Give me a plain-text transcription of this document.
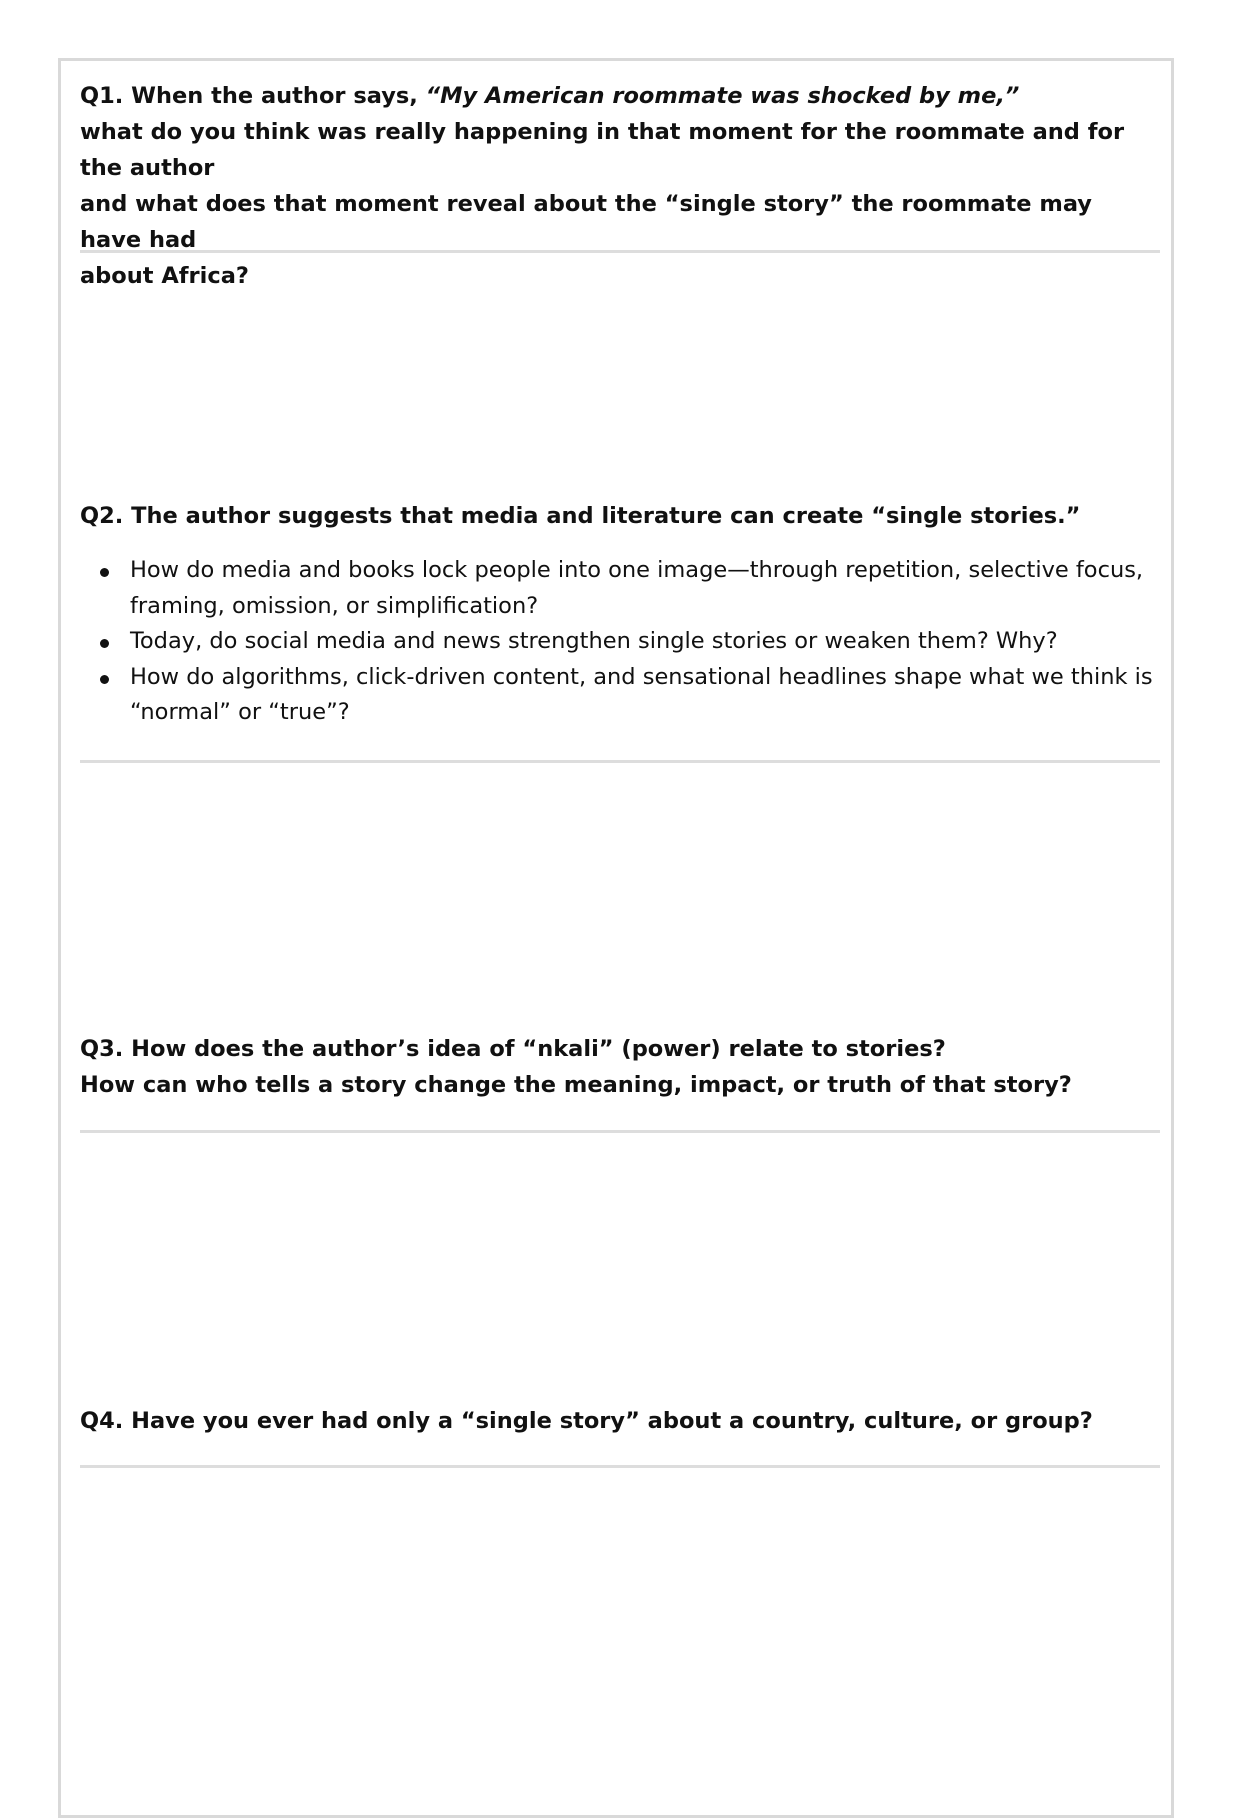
Q1. When the author says, “My American roommate was shocked by me,”
what do you think was really happening in that moment for the roommate and for the author
and what does that moment reveal about the “single story” the roommate may have had
about Africa?

Q2. The author suggests that media and literature can create “single stories.”

How do media and books lock people into one image—through repetition, selective focus, framing, omission, or simplification?
Today, do social media and news strengthen single stories or weaken them? Why?
How do algorithms, click-driven content, and sensational headlines shape what we think is “normal” or “true”?

Q3. How does the author’s idea of “nkali” (power) relate to stories?
How can who tells a story change the meaning, impact, or truth of that story?

Q4. Have you ever had only a “single story” about a country, culture, or group?
